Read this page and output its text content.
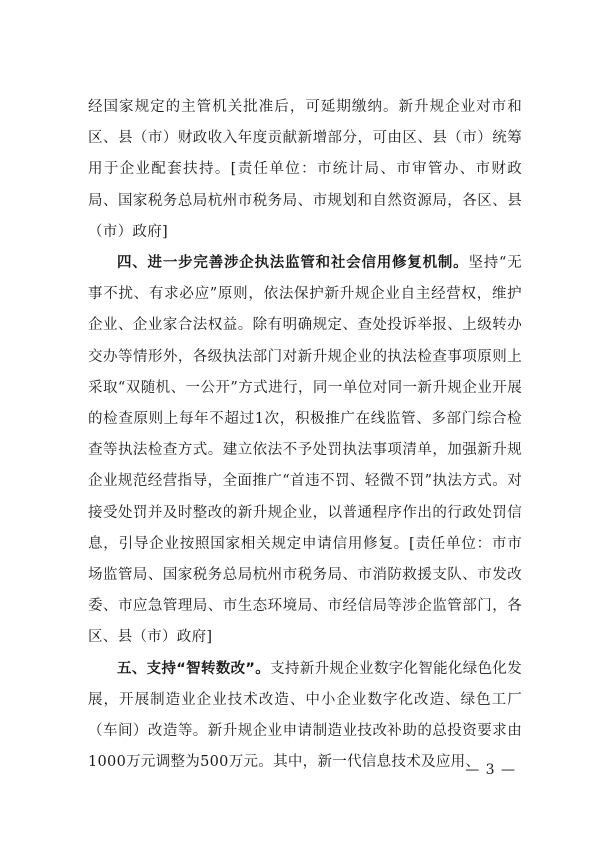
经国家规定的主管机关批准后，可延期缴纳。新升规企业对市和区、县（市）财政收入年度贡献新增部分，可由区、县（市）统筹用于企业配套扶持。[责任单位：市统计局、市审管办、市财政局、国家税务总局杭州市税务局、市规划和自然资源局，各区、县（市）政府]

四、进一步完善涉企执法监管和社会信用修复机制。坚持“无事不扰、有求必应”原则，依法保护新升规企业自主经营权，维护企业、企业家合法权益。除有明确规定、查处投诉举报、上级转办交办等情形外，各级执法部门对新升规企业的执法检查事项原则上采取“双随机、一公开”方式进行，同一单位对同一新升规企业开展的检查原则上每年不超过1次，积极推广在线监管、多部门综合检查等执法检查方式。建立依法不予处罚执法事项清单，加强新升规企业规范经营指导，全面推广“首违不罚、轻微不罚”执法方式。对接受处罚并及时整改的新升规企业，以普通程序作出的行政处罚信息，引导企业按照国家相关规定申请信用修复。[责任单位：市市场监管局、国家税务总局杭州市税务局、市消防救援支队、市发改委、市应急管理局、市生态环境局、市经信局等涉企监管部门，各区、县（市）政府]

五、支持“智转数改”。支持新升规企业数字化智能化绿色化发展，开展制造业企业技术改造、中小企业数字化改造、绿色工厂（车间）改造等。新升规企业申请制造业技改补助的总投资要求由1000万元调整为500万元。其中，新一代信息技术及应用、

— 3 —
